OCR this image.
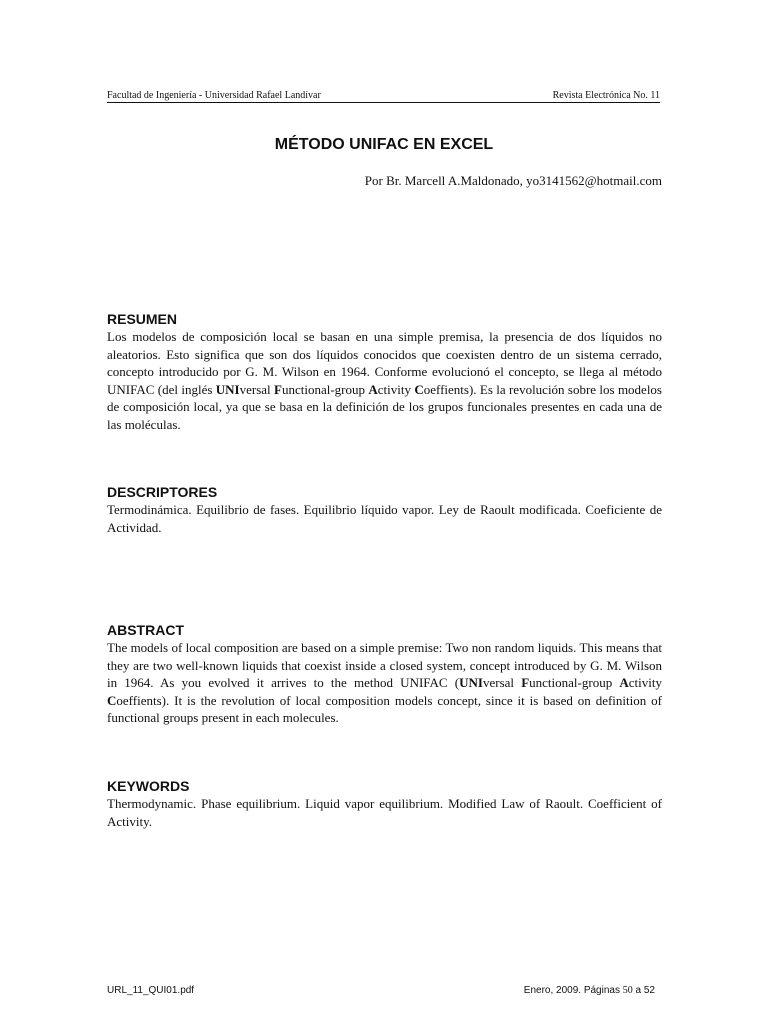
Facultad de Ingeniería - Universidad Rafael Landívar	Revista Electrónica No. 11
MÉTODO UNIFAC EN EXCEL
Por Br. Marcell A.Maldonado, yo3141562@hotmail.com

RESUMEN

Los modelos de composición local se basan en una simple premisa, la presencia de dos líquidos no aleatorios. Esto significa que son dos líquidos conocidos que coexisten dentro de un sistema cerrado, concepto introducido por G. M. Wilson en 1964. Conforme evolucionó el concepto, se llega al método UNIFAC (del inglés UNIversal Functional-group Activity Coeffients). Es la revolución sobre los modelos de composición local, ya que se basa en la definición de los grupos funcionales presentes en cada una de las moléculas.

DESCRIPTORES

Termodinámica. Equilibrio de fases. Equilibrio líquido vapor. Ley de Raoult modificada. Coeficiente de Actividad.

ABSTRACT

The models of local composition are based on a simple premise: Two non random liquids. This means that they are two well-known liquids that coexist inside a closed system, concept introduced by G. M. Wilson in 1964. As you evolved it arrives to the method UNIFAC (UNIversal Functional-group Activity Coeffients). It is the revolution of local composition models concept, since it is based on definition of functional groups present in each molecules.

KEYWORDS

Thermodynamic. Phase equilibrium. Liquid vapor equilibrium. Modified Law of Raoult. Coefficient of Activity.

URL_11_QUI01.pdf	Enero, 2009. Páginas 50 a 52
